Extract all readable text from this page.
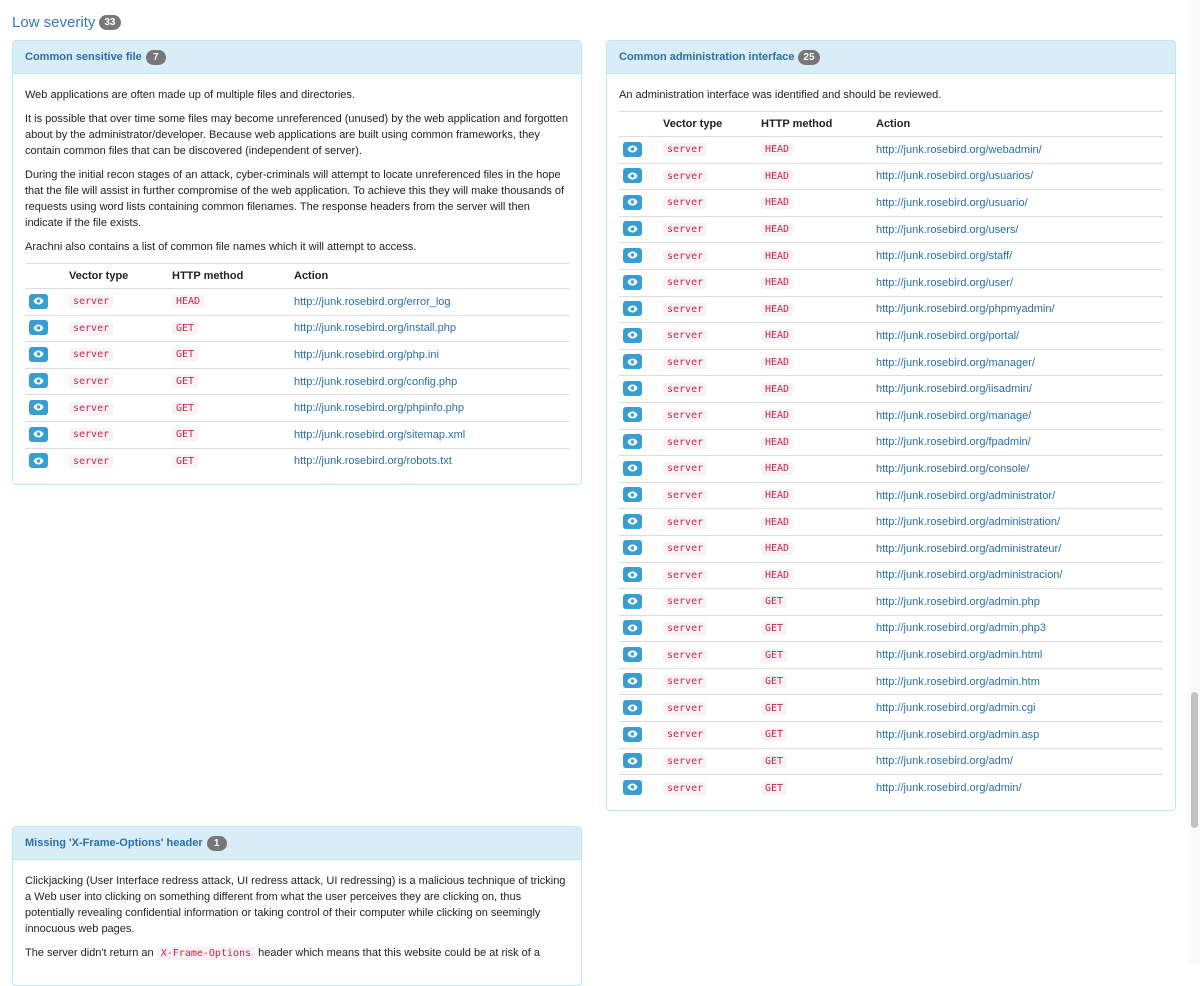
Low severity 33
Common sensitive file	7

Web applications are often made up of multiple files and directories.

It is possible that over time some files may become unreferenced (unused) by the web application and forgotten about by the administrator/developer. Because web applications are built using common frameworks, they contain common files that can be discovered (independent of server).

During the initial recon stages of an attack, cyber-criminals will attempt to locate unreferenced files in the hope that the file will assist in further compromise of the web application. To achieve this they will make thousands of requests using word lists containing common filenames. The response headers from the server will then indicate if the file exists.

Arachni also contains a list of common file names which it will attempt to access.

	Vector type	HTTP method	Action

	server	HEAD	http://junk.rosebird.org/error_log

	server	GET	http://junk.rosebird.org/install.php

	server	GET	http://junk.rosebird.org/php.ini

	server	GET	http://junk.rosebird.org/config.php

	server	GET	http://junk.rosebird.org/phpinfo.php

	server	GET	http://junk.rosebird.org/sitemap.xml

	server	GET	http://junk.rosebird.org/robots.txt
Common administration interface 25

An administration interface was identified and should be reviewed.

	Vector type	HTTP method	Action

	server	HEAD	http://junk.rosebird.org/webadmin/

	server	HEAD	http://junk.rosebird.org/usuarios/

	server	HEAD	http://junk.rosebird.org/usuario/

	server	HEAD	http://junk.rosebird.org/users/

	server	HEAD	http://junk.rosebird.org/staff/

	server	HEAD	http://junk.rosebird.org/user/

	server	HEAD	http://junk.rosebird.org/phpmyadmin/

	server	HEAD	http://junk.rosebird.org/portal/

	server	HEAD	http://junk.rosebird.org/manager/

	server	HEAD	http://junk.rosebird.org/iisadmin/

	server	HEAD	http://junk.rosebird.org/manage/

	server	HEAD	http://junk.rosebird.org/fpadmin/

	server	HEAD	http://junk.rosebird.org/console/

	server	HEAD	http://junk.rosebird.org/administrator/

	server	HEAD	http://junk.rosebird.org/administration/

	server	HEAD	http://junk.rosebird.org/administrateur/

	server	HEAD	http://junk.rosebird.org/administracion/

	server	GET	http://junk.rosebird.org/admin.php

	server	GET	http://junk.rosebird.org/admin.php3

	server	GET	http://junk.rosebird.org/admin.html

	server	GET	http://junk.rosebird.org/admin.htm

	server	GET	http://junk.rosebird.org/admin.cgi

	server	GET	http://junk.rosebird.org/admin.asp

	server	GET	http://junk.rosebird.org/adm/

	server	GET	http://junk.rosebird.org/admin/
Missing 'X-Frame-Options' header	1

Clickjacking (User Interface redress attack, UI redress attack, UI redressing) is a malicious technique of tricking a Web user into clicking on something different from what the user perceives they are clicking on, thus potentially revealing confidential information or taking control of their computer while clicking on seemingly innocuous web pages.

The server didn't return an X-Frame-Options header which means that this website could be at risk of a
